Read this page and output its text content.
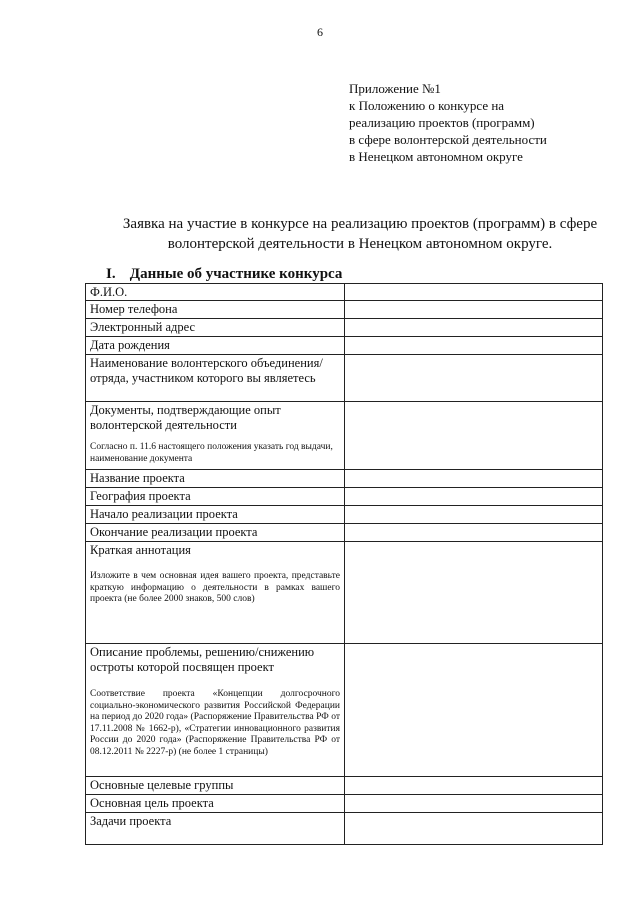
6
Приложение №1
к Положению о конкурсе на
реализацию проектов (программ)
в сфере волонтерской деятельности
в Ненецком автономном округе
Заявка на участие в конкурсе на реализацию проектов (программ) в сфере волонтерской деятельности в Ненецком автономном округе.
I. Данные об участнике конкурса
Ф.И.О.	
Номер телефона	
Электронный адрес	
Дата рождения	
Наименование волонтерского объединения/отряда, участником которого вы являетесь	

Документы, подтверждающие опыт волонтерской деятельности
Согласно п. 11.6 настоящего положения указать год выдачи, наименование документа	

Название проекта	
География проекта	
Начало реализации проекта	
Окончание реализации проекта	

Краткая аннотация
Изложите в чем основная идея вашего проекта, представьте краткую информацию о деятельности в рамках вашего проекта (не более 2000 знаков, 500 слов)	

Описание проблемы, решению/снижению остроты которой посвящен проект
Соответствие проекта «Концепции долгосрочного социально-экономического развития Российской Федерации на период до 2020 года» (Распоряжение Правительства РФ от 17.11.2008 № 1662-р), «Стратегии инновационного развития России до 2020 года» (Распоряжение Правительства РФ от 08.12.2011 № 2227-р) (не более 1 страницы)	

Основные целевые группы	
Основная цель проекта	
Задачи проекта	
